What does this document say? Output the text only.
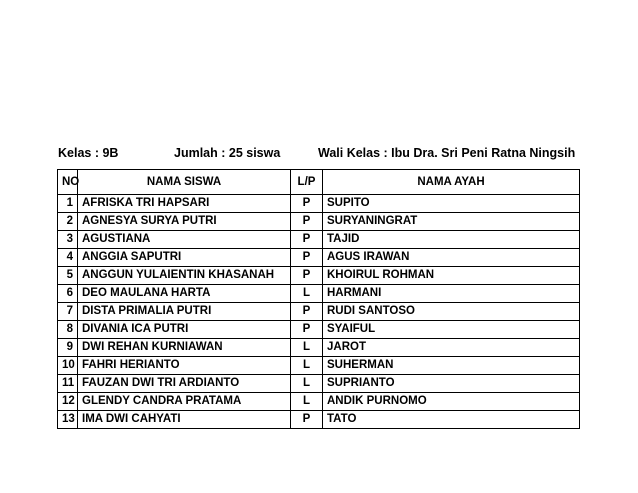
Kelas : 9B	Jumlah : 25 siswa	Wali Kelas : Ibu Dra. Sri Peni Ratna Ningsih
NO	NAMA SISWA	L/P	NAMA AYAH
1	AFRISKA TRI HAPSARI	P	SUPITO
2	AGNESYA SURYA PUTRI	P	SURYANINGRAT
3	AGUSTIANA	P	TAJID
4	ANGGIA SAPUTRI	P	AGUS IRAWAN
5	ANGGUN YULAIENTIN KHASANAH	P	KHOIRUL ROHMAN
6	DEO MAULANA HARTA	L	HARMANI
7	DISTA PRIMALIA PUTRI	P	RUDI SANTOSO
8	DIVANIA ICA PUTRI	P	SYAIFUL
9	DWI REHAN KURNIAWAN	L	JAROT
10	FAHRI HERIANTO	L	SUHERMAN
11	FAUZAN DWI TRI ARDIANTO	L	SUPRIANTO
12	GLENDY CANDRA PRATAMA	L	ANDIK PURNOMO
13	IMA DWI CAHYATI	P	TATO
